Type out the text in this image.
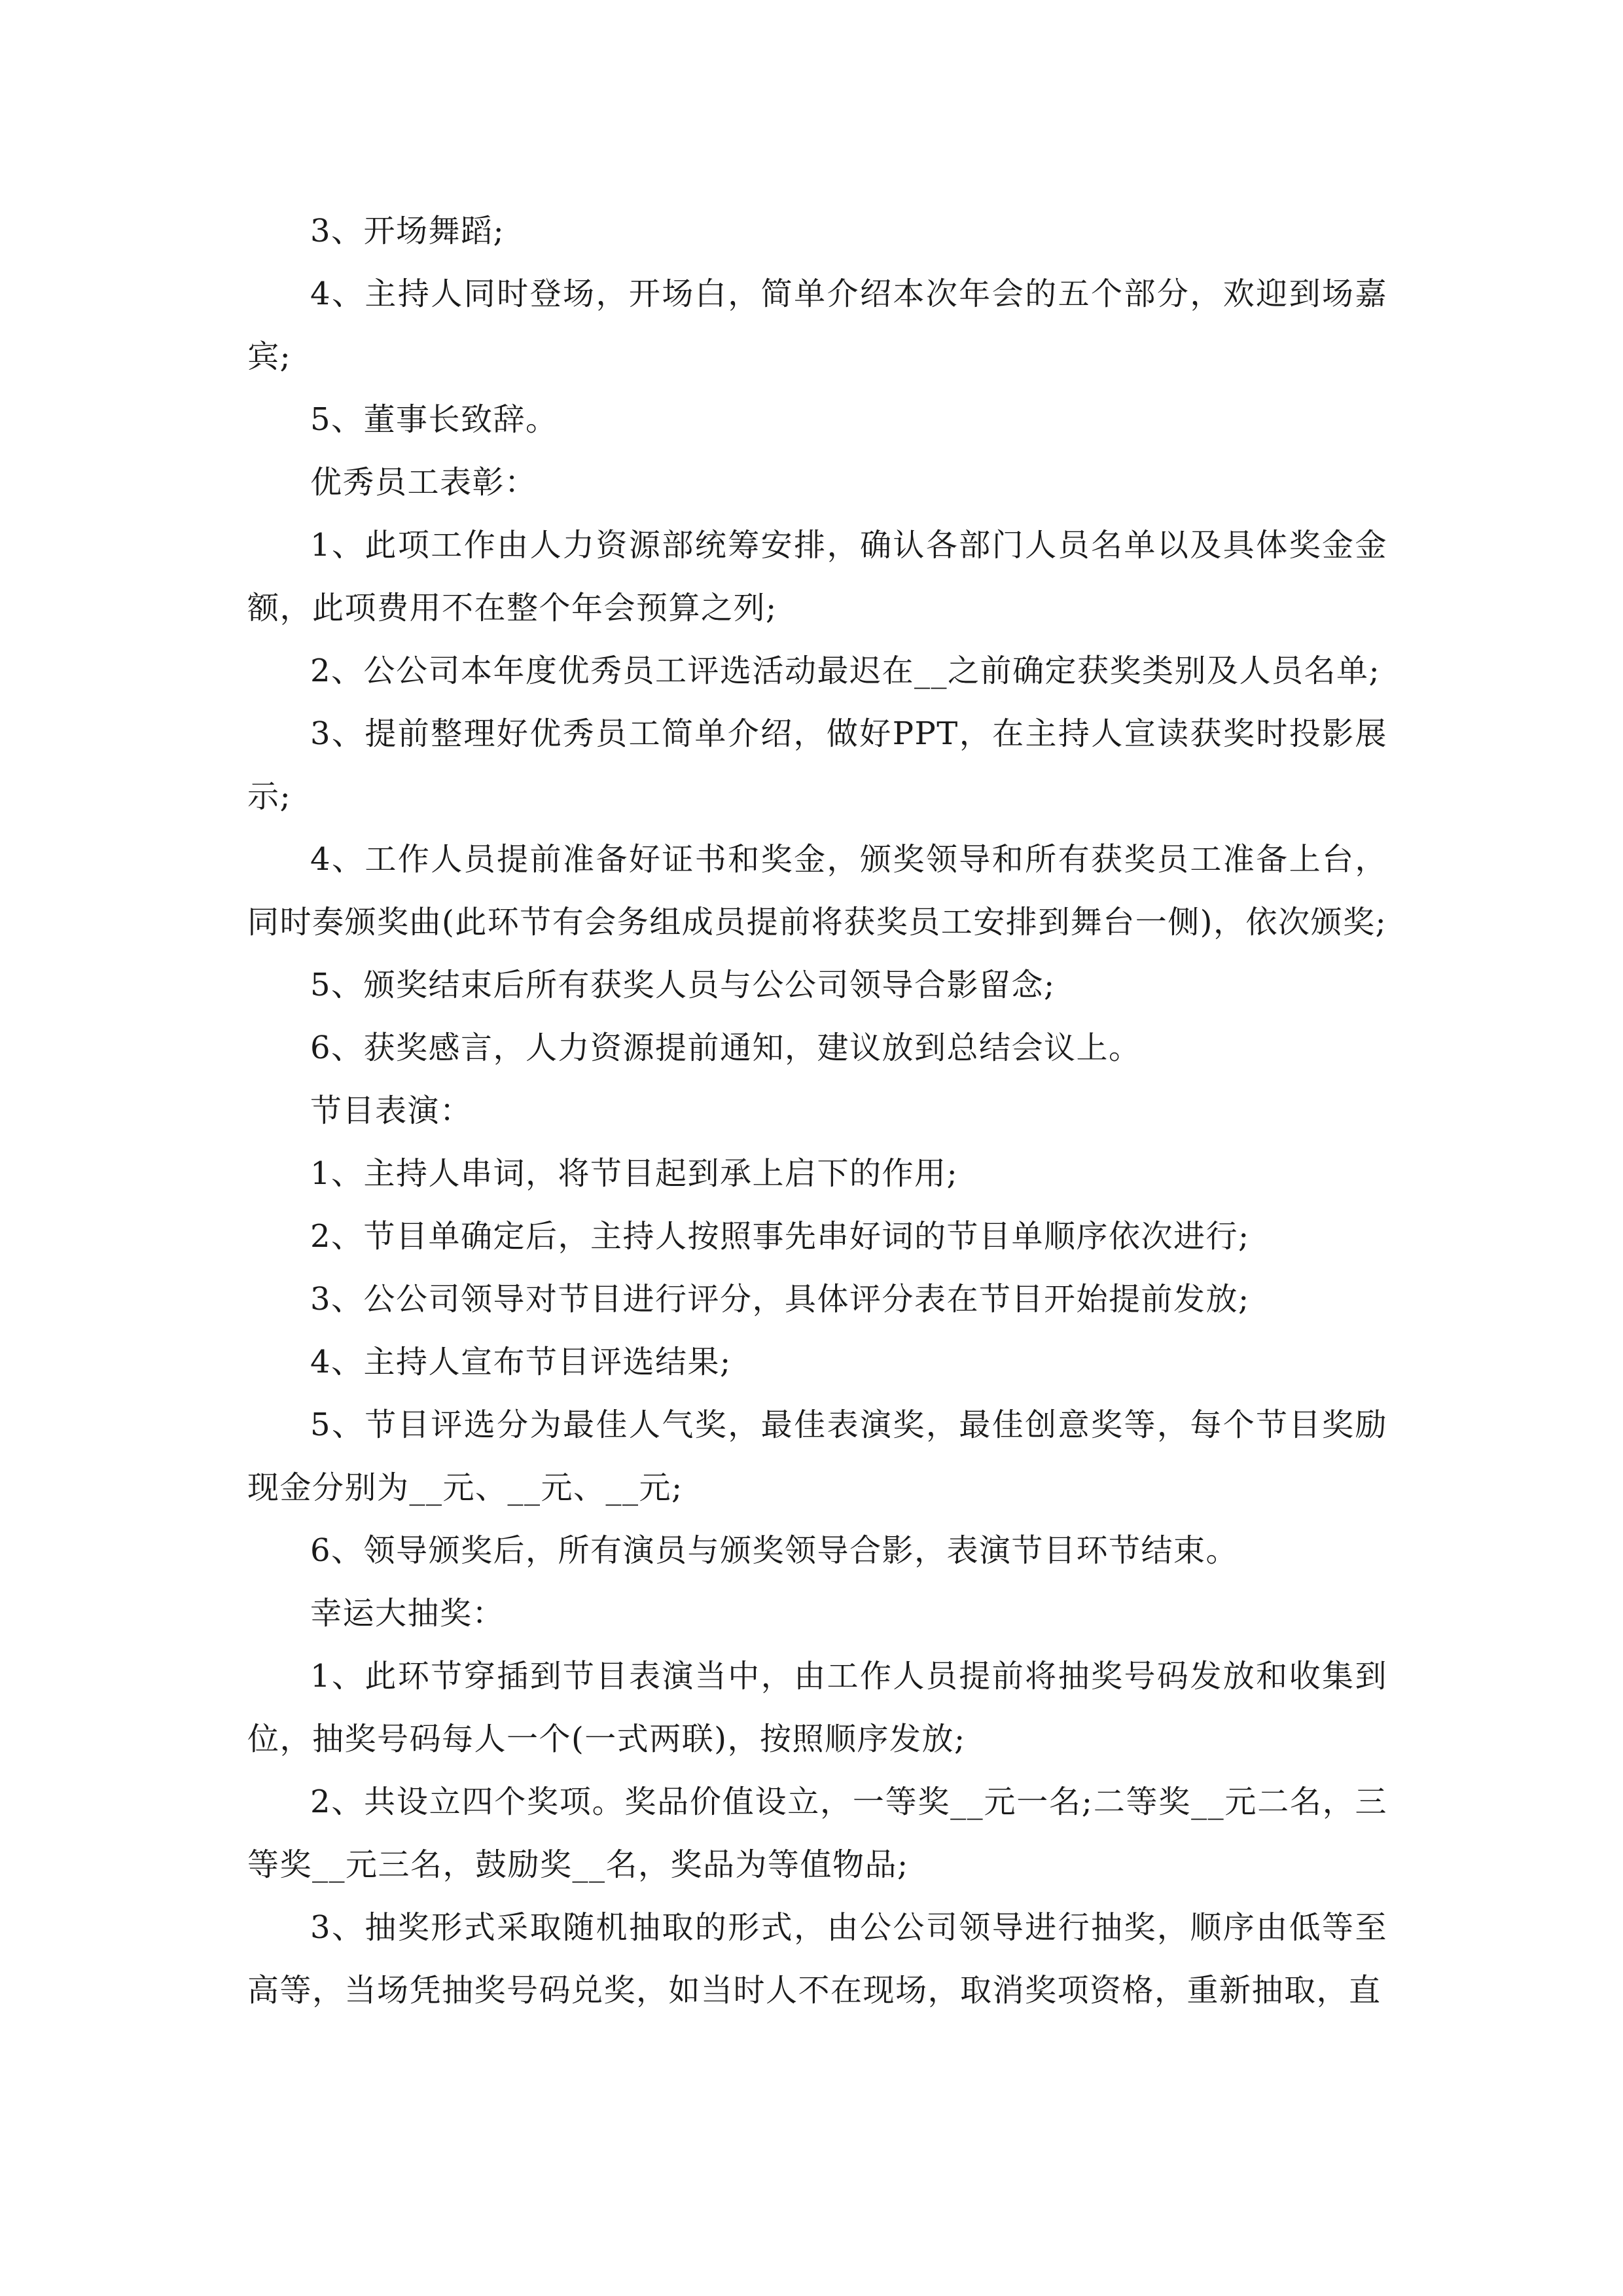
3、开场舞蹈;

4、主持人同时登场，开场白，简单介绍本次年会的五个部分，欢迎到场嘉宾;

5、董事长致辞。

优秀员工表彰：

1、此项工作由人力资源部统筹安排，确认各部门人员名单以及具体奖金金额，此项费用不在整个年会预算之列;

2、公公司本年度优秀员工评选活动最迟在__之前确定获奖类别及人员名单;

3、提前整理好优秀员工简单介绍，做好PPT，在主持人宣读获奖时投影展示;

4、工作人员提前准备好证书和奖金，颁奖领导和所有获奖员工准备上台，同时奏颁奖曲(此环节有会务组成员提前将获奖员工安排到舞台一侧)，依次颁奖;

5、颁奖结束后所有获奖人员与公公司领导合影留念;

6、获奖感言，人力资源提前通知，建议放到总结会议上。

节目表演：

1、主持人串词，将节目起到承上启下的作用;

2、节目单确定后，主持人按照事先串好词的节目单顺序依次进行;

3、公公司领导对节目进行评分，具体评分表在节目开始提前发放;

4、主持人宣布节目评选结果;

5、节目评选分为最佳人气奖，最佳表演奖，最佳创意奖等，每个节目奖励现金分别为__元、__元、__元;

6、领导颁奖后，所有演员与颁奖领导合影，表演节目环节结束。

幸运大抽奖：

1、此环节穿插到节目表演当中，由工作人员提前将抽奖号码发放和收集到位，抽奖号码每人一个(一式两联)，按照顺序发放;

2、共设立四个奖项。奖品价值设立，一等奖__元一名;二等奖__元二名，三等奖__元三名，鼓励奖__名，奖品为等值物品;

3、抽奖形式采取随机抽取的形式，由公公司领导进行抽奖，顺序由低等至高等，当场凭抽奖号码兑奖，如当时人不在现场，取消奖项资格，重新抽取，直
